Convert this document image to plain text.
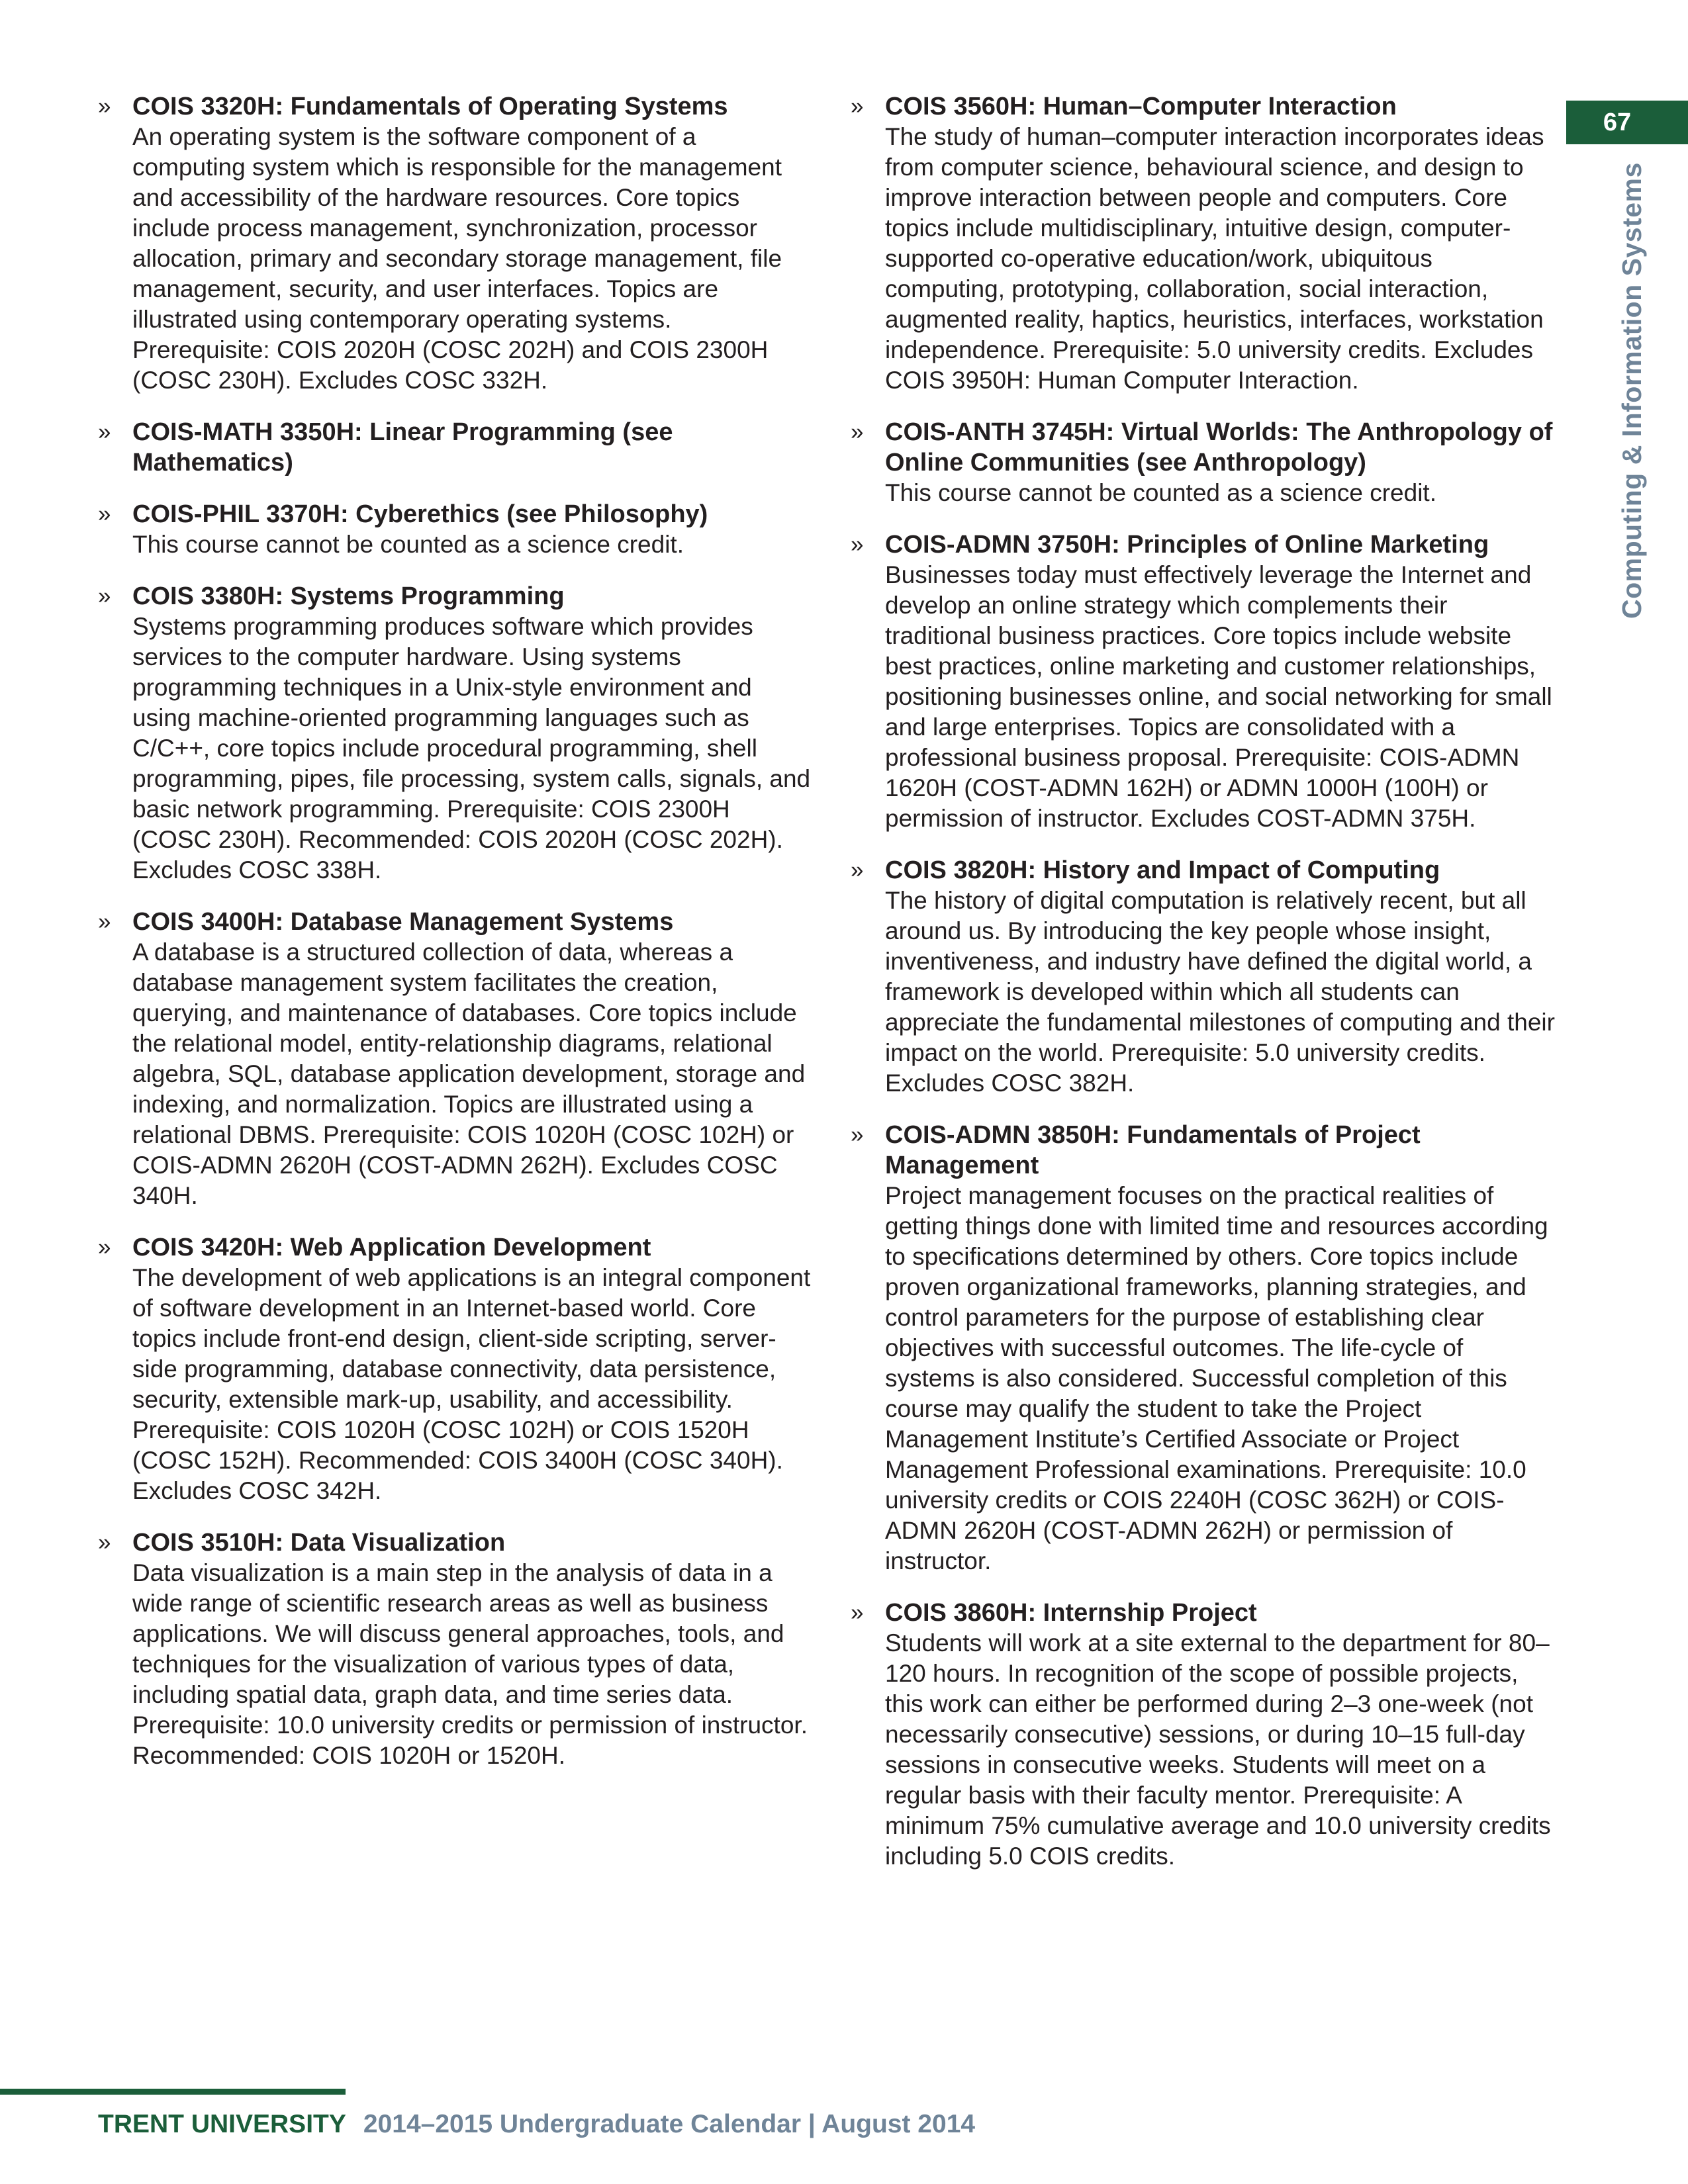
» COIS 3320H: Fundamentals of Operating Systems

An operating system is the software component of a computing system which is responsible for the management and accessibility of the hardware resources. Core topics include process management, synchronization, processor allocation, primary and secondary storage management, file management, security, and user interfaces. Topics are illustrated using contemporary operating systems. Prerequisite: COIS 2020H (COSC 202H) and COIS 2300H (COSC 230H). Excludes COSC 332H.

» COIS-MATH 3350H: Linear Programming (see Mathematics)

» COIS-PHIL 3370H: Cyberethics (see Philosophy)

This course cannot be counted as a science credit.

» COIS 3380H: Systems Programming

Systems programming produces software which provides services to the computer hardware. Using systems programming techniques in a Unix-style environment and using machine-oriented programming languages such as C/C++, core topics include procedural programming, shell programming, pipes, file processing, system calls, signals, and basic network programming. Prerequisite: COIS 2300H (COSC 230H). Recommended: COIS 2020H (COSC 202H). Excludes COSC 338H.

» COIS 3400H: Database Management Systems

A database is a structured collection of data, whereas a database management system facilitates the creation, querying, and maintenance of databases. Core topics include the relational model, entity-relationship diagrams, relational algebra, SQL, database application development, storage and indexing, and normalization. Topics are illustrated using a relational DBMS. Prerequisite: COIS 1020H (COSC 102H) or COIS-ADMN 2620H (COST-ADMN 262H). Excludes COSC 340H.

» COIS 3420H: Web Application Development

The development of web applications is an integral component of software development in an Internet-based world. Core topics include front-end design, client-side scripting, server-side programming, database connectivity, data persistence, security, extensible mark-up, usability, and accessibility. Prerequisite: COIS 1020H (COSC 102H) or COIS 1520H (COSC 152H). Recommended: COIS 3400H (COSC 340H). Excludes COSC 342H.

» COIS 3510H: Data Visualization

Data visualization is a main step in the analysis of data in a wide range of scientific research areas as well as business applications. We will discuss general approaches, tools, and techniques for the visualization of various types of data, including spatial data, graph data, and time series data. Prerequisite: 10.0 university credits or permission of instructor. Recommended: COIS 1020H or 1520H.

» COIS 3560H: Human–Computer Interaction

The study of human–computer interaction incorporates ideas from computer science, behavioural science, and design to improve interaction between people and computers. Core topics include multidisciplinary, intuitive design, computer-supported co-operative education/work, ubiquitous computing, prototyping, collaboration, social interaction, augmented reality, haptics, heuristics, interfaces, workstation independence. Prerequisite: 5.0 university credits. Excludes COIS 3950H: Human Computer Interaction.

» COIS-ANTH 3745H: Virtual Worlds: The Anthropology of Online Communities (see Anthropology)

This course cannot be counted as a science credit.

» COIS-ADMN 3750H: Principles of Online Marketing

Businesses today must effectively leverage the Internet and develop an online strategy which complements their traditional business practices. Core topics include website best practices, online marketing and customer relationships, positioning businesses online, and social networking for small and large enterprises. Topics are consolidated with a professional business proposal. Prerequisite: COIS-ADMN 1620H (COST-ADMN 162H) or ADMN 1000H (100H) or permission of instructor. Excludes COST-ADMN 375H.

» COIS 3820H: History and Impact of Computing

The history of digital computation is relatively recent, but all around us. By introducing the key people whose insight, inventiveness, and industry have defined the digital world, a framework is developed within which all students can appreciate the fundamental milestones of computing and their impact on the world. Prerequisite: 5.0 university credits. Excludes COSC 382H.

» COIS-ADMN 3850H: Fundamentals of Project Management

Project management focuses on the practical realities of getting things done with limited time and resources according to specifications determined by others. Core topics include proven organizational frameworks, planning strategies, and control parameters for the purpose of establishing clear objectives with successful outcomes. The life-cycle of systems is also considered. Successful completion of this course may qualify the student to take the Project Management Institute’s Certified Associate or Project Management Professional examinations. Prerequisite: 10.0 university credits or COIS 2240H (COSC 362H) or COIS-ADMN 2620H (COST-ADMN 262H) or permission of instructor.

» COIS 3860H: Internship Project

Students will work at a site external to the department for 80–120 hours. In recognition of the scope of possible projects, this work can either be performed during 2–3 one-week (not necessarily consecutive) sessions, or during 10–15 full-day sessions in consecutive weeks. Students will meet on a regular basis with their faculty mentor. Prerequisite: A minimum 75% cumulative average and 10.0 university credits including 5.0 COIS credits.

67
Computing & Information Systems
TRENT UNIVERSITY 2014–2015 Undergraduate Calendar | August 2014
